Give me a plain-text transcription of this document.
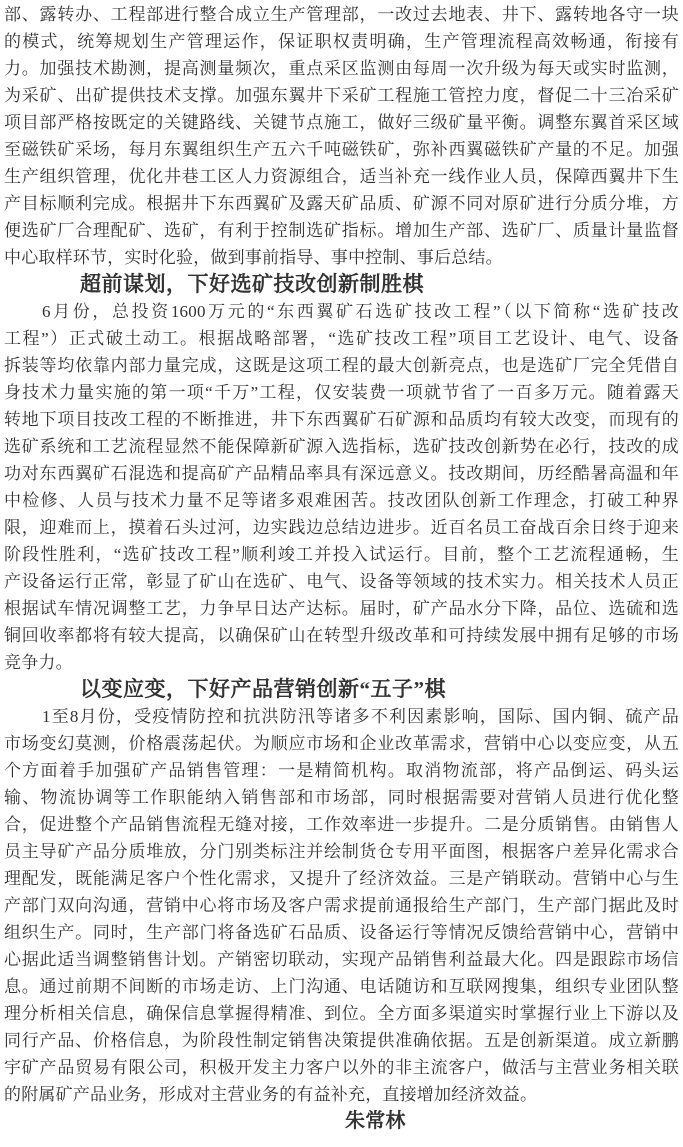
部、露转办、工程部进行整合成立生产管理部，一改过去地表、井下、露转地各守一块
的模式，统筹规划生产管理运作，保证职权责明确，生产管理流程高效畅通，衔接有
力。加强技术勘测，提高测量频次，重点采区监测由每周一次升级为每天或实时监测，
为采矿、出矿提供技术支撑。加强东翼井下采矿工程施工管控力度，督促二十三冶采矿
项目部严格按既定的关键路线、关键节点施工，做好三级矿量平衡。调整东翼首采区域
至磁铁矿采场，每月东翼组织生产五六千吨磁铁矿，弥补西翼磁铁矿产量的不足。加强
生产组织管理，优化井巷工区人力资源组合，适当补充一线作业人员，保障西翼井下生
产目标顺利完成。根据井下东西翼矿及露天矿品质、矿源不同对原矿进行分质分堆，方
便选矿厂合理配矿、选矿，有利于控制选矿指标。增加生产部、选矿厂、质量计量监督
中心取样环节，实时化验，做到事前指导、事中控制、事后总结。
超前谋划，下好选矿技改创新制胜棋
6月份，总投资1600万元的“东西翼矿石选矿技改工程”（以下简称“选矿技改
工程”）正式破土动工。根据战略部署，“选矿技改工程”项目工艺设计、电气、设备
拆装等均依靠内部力量完成，这既是这项工程的最大创新亮点，也是选矿厂完全凭借自
身技术力量实施的第一项“千万”工程，仅安装费一项就节省了一百多万元。随着露天
转地下项目技改工程的不断推进，井下东西翼矿石矿源和品质均有较大改变，而现有的
选矿系统和工艺流程显然不能保障新矿源入选指标，选矿技改创新势在必行，技改的成
功对东西翼矿石混选和提高矿产品精品率具有深远意义。技改期间，历经酷暑高温和年
中检修、人员与技术力量不足等诸多艰难困苦。技改团队创新工作理念，打破工种界
限，迎难而上，摸着石头过河，边实践边总结边进步。近百名员工奋战百余日终于迎来
阶段性胜利，“选矿技改工程”顺利竣工并投入试运行。目前，整个工艺流程通畅，生
产设备运行正常，彰显了矿山在选矿、电气、设备等领域的技术实力。相关技术人员正
根据试车情况调整工艺，力争早日达产达标。届时，矿产品水分下降，品位、选硫和选
铜回收率都将有较大提高，以确保矿山在转型升级改革和可持续发展中拥有足够的市场
竞争力。
以变应变，下好产品营销创新“五子”棋
1至8月份，受疫情防控和抗洪防汛等诸多不利因素影响，国际、国内铜、硫产品
市场变幻莫测，价格震荡起伏。为顺应市场和企业改革需求，营销中心以变应变，从五
个方面着手加强矿产品销售管理：一是精简机构。取消物流部，将产品倒运、码头运
输、物流协调等工作职能纳入销售部和市场部，同时根据需要对营销人员进行优化整
合，促进整个产品销售流程无缝对接，工作效率进一步提升。二是分质销售。由销售人
员主导矿产品分质堆放，分门别类标注并绘制货仓专用平面图，根据客户差异化需求合
理配发，既能满足客户个性化需求，又提升了经济效益。三是产销联动。营销中心与生
产部门双向沟通，营销中心将市场及客户需求提前通报给生产部门，生产部门据此及时
组织生产。同时，生产部门将备选矿石品质、设备运行等情况反馈给营销中心，营销中
心据此适当调整销售计划。产销密切联动，实现产品销售利益最大化。四是跟踪市场信
息。通过前期不间断的市场走访、上门沟通、电话随访和互联网搜集，组织专业团队整
理分析相关信息，确保信息掌握得精准、到位。全方面多渠道实时掌握行业上下游以及
同行产品、价格信息，为阶段性制定销售决策提供准确依据。五是创新渠道。成立新鹏
宇矿产品贸易有限公司，积极开发主力客户以外的非主流客户，做活与主营业务相关联
的附属矿产品业务，形成对主营业务的有益补充，直接增加经济效益。
朱常林
